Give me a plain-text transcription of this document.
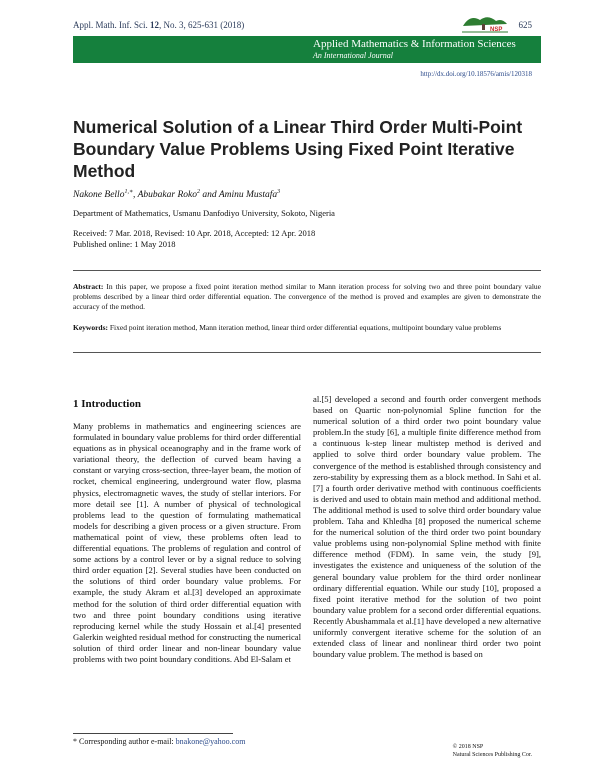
Appl. Math. Inf. Sci. 12, No. 3, 625-631 (2018)	NSP 625
Applied Mathematics & Information Sciences
An International Journal
http://dx.doi.org/10.18576/amis/120318
Numerical Solution of a Linear Third Order Multi-Point Boundary Value Problems Using Fixed Point Iterative Method
Nakone Bello$^{1,∗}$, Abubakar Roko$^2$ and Aminu Mustafa$^3$
Department of Mathematics, Usmanu Danfodiyo University, Sokoto, Nigeria
Received: 7 Mar. 2018, Revised: 10 Apr. 2018, Accepted: 12 Apr. 2018
Published online: 1 May 2018
Abstract: In this paper, we propose a fixed point iteration method similar to Mann iteration process for solving two and three point boundary value problems described by a linear third order differential equation. The convergence of the method is proved and examples are given to demonstrate the accuracy of the method.
Keywords: Fixed point iteration method, Mann iteration method, linear third order differential equations, multipoint boundary value problems
1 Introduction
Many problems in mathematics and engineering sciences are formulated in boundary value problems for third order differential equations as in physical oceanography and in the frame work of variational theory, the deflection of curved beam having a constant or varying cross-section, three-layer beam, the motion of rocket, chemical engineering, underground water flow, plasma physics, electromagnetic waves, the study of stellar interiors. For more detail see [1]. A number of physical of technological problems lead to the question of formulating mathematical models for describing a given process or a given structure. From mathematical point of view, these problems often lead to differential equations. The problems of regulation and control of some actions by a control lever or by a signal reduce to solving third order equation [2]. Several studies have been conducted on the solutions of third order boundary value problems. For example, the study Akram et al.[3] developed an approximate method for the solution of third order differential equation with two and three point boundary conditions using iterative reproducing kernel while the study Hossain et al.[4] presented Galerkin weighted residual method for constructing the numerical solution of third order linear and non-linear boundary value problems with two point boundary conditions. Abd El-Salam et
al.[5] developed a second and fourth order convergent methods based on Quartic non-polynomial Spline function for the numerical solution of a third order two point boundary value problem.In the study [6], a multiple finite difference method from a continuous k-step linear multistep method is derived and applied to solve third order boundary value problem. The convergence of the method is established through consistency and zero-stability by expressing them as a block method. In Sahi et al.[7] a fourth order derivative method with continuous coefficients is derived and used to obtain main method and additional method. The additional method is used to solve third order boundary value problem. Taha and Khledha [8] proposed the numerical scheme for the numerical solution of the third order two point boundary value problems using non-polynomial Spline method with finite difference method (FDM). In same vein, the study [9], investigates the existence and uniqueness of the solution of the general boundary value problem for the third order nonlinear ordinary differential equation. While our study [10], proposed a fixed point iterative method for the solution of two point boundary value problem for a second order differential equations. Recently Abushammala et al.[1] have developed a new alternative uniformly convergent iterative scheme for the solution of an extended class of linear and nonlinear third order two point boundary value problem. The method is based on
* Corresponding author e-mail: bnakone@yahoo.com
© 2018 NSP
Natural Sciences Publishing Cor.
